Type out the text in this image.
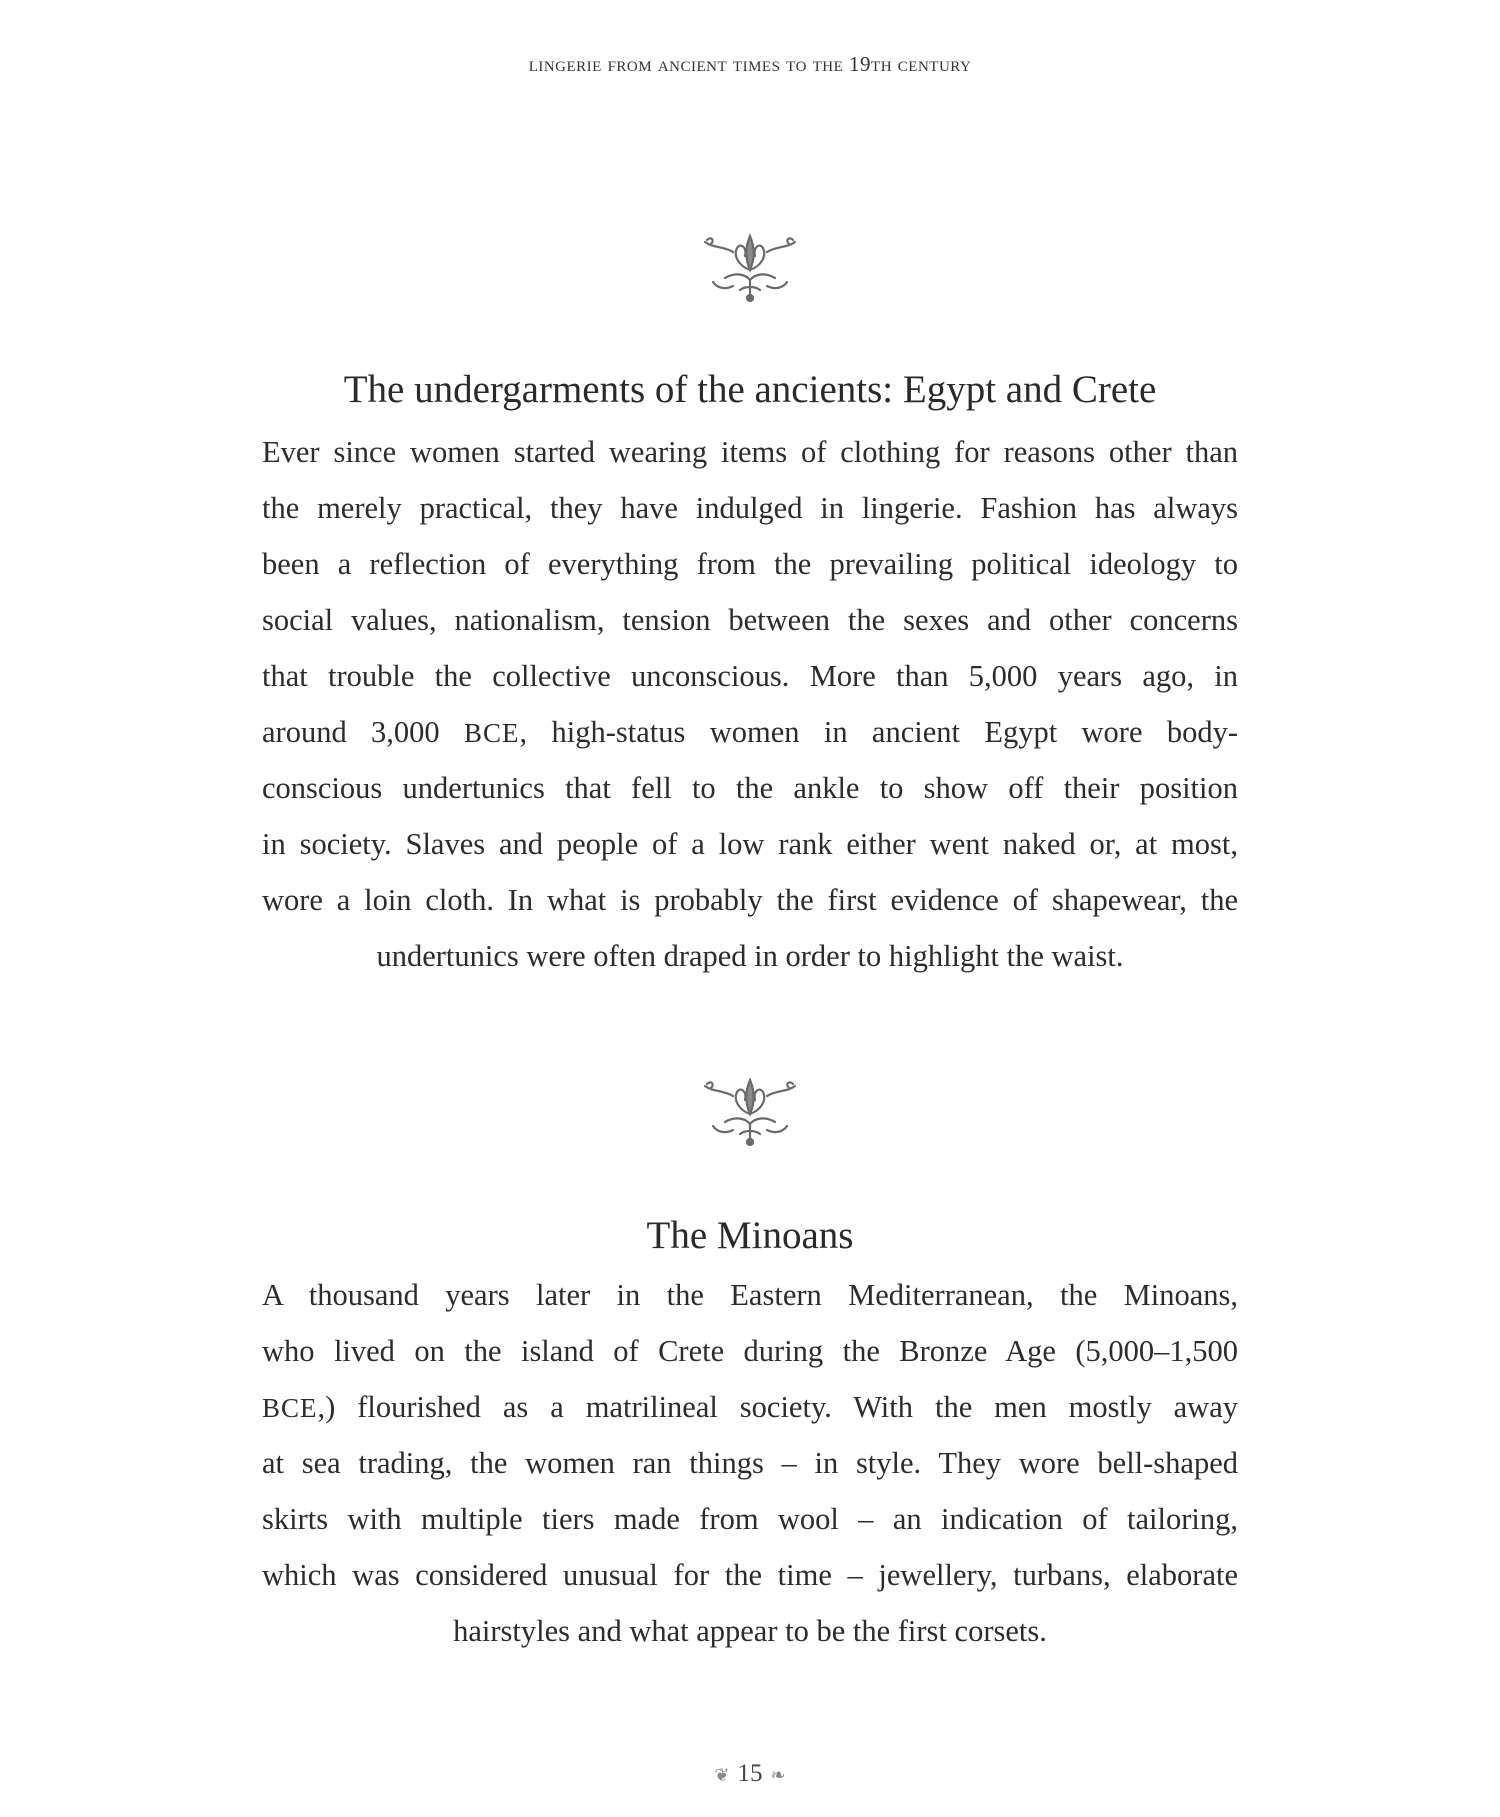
lingerie from ancient times to the 19th century
The undergarments of the ancients: Egypt and Crete
Ever since women started wearing items of clothing for reasons other than
the merely practical, they have indulged in lingerie. Fashion has always
been a reflection of everything from the prevailing political ideology to
social values, nationalism, tension between the sexes and other concerns
that trouble the collective unconscious. More than 5,000 years ago, in
around 3,000 BCE, high-status women in ancient Egypt wore body-
conscious undertunics that fell to the ankle to show off their position
in society. Slaves and people of a low rank either went naked or, at most,
wore a loin cloth. In what is probably the first evidence of shapewear, the
undertunics were often draped in order to highlight the waist.
The Minoans
A thousand years later in the Eastern Mediterranean, the Minoans,
who lived on the island of Crete during the Bronze Age (5,000–1,500
BCE,) flourished as a matrilineal society. With the men mostly away
at sea trading, the women ran things – in style. They wore bell-shaped
skirts with multiple tiers made from wool – an indication of tailoring,
which was considered unusual for the time – jewellery, turbans, elaborate
hairstyles and what appear to be the first corsets.
❦ 15 ❧
